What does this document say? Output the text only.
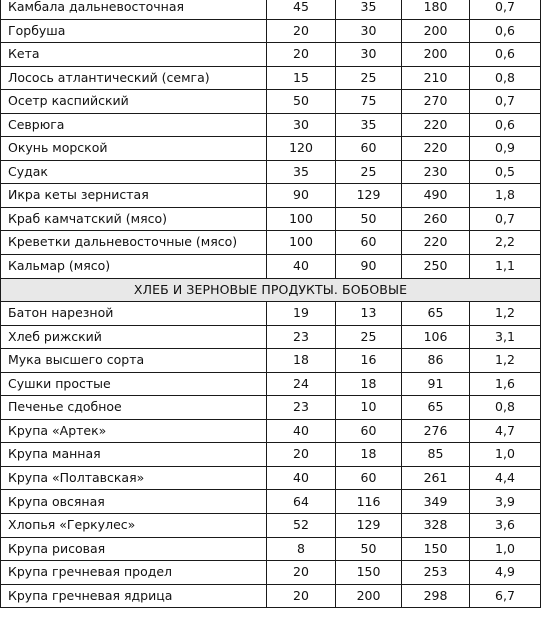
Камбала дальневосточная	45	35	180	0,7
Горбуша	20	30	200	0,6
Кета	20	30	200	0,6
Лосось атлантический (семга)	15	25	210	0,8
Осетр каспийский	50	75	270	0,7
Севрюга	30	35	220	0,6
Окунь морской	120	60	220	0,9
Судак	35	25	230	0,5
Икра кеты зернистая	90	129	490	1,8
Краб камчатский (мясо)	100	50	260	0,7
Креветки дальневосточные (мясо)	100	60	220	2,2
Кальмар (мясо)	40	90	250	1,1
ХЛЕБ И ЗЕРНОВЫЕ ПРОДУКТЫ. БОБОВЫЕ				
Батон нарезной	19	13	65	1,2
Хлеб рижский	23	25	106	3,1
Мука высшего сорта	18	16	86	1,2
Сушки простые	24	18	91	1,6
Печенье сдобное	23	10	65	0,8
Крупа «Артек»	40	60	276	4,7
Крупа манная	20	18	85	1,0
Крупа «Полтавская»	40	60	261	4,4
Крупа овсяная	64	116	349	3,9
Хлопья «Геркулес»	52	129	328	3,6
Крупа рисовая	8	50	150	1,0
Крупа гречневая продел	20	150	253	4,9
Крупа гречневая ядрица	20	200	298	6,7
